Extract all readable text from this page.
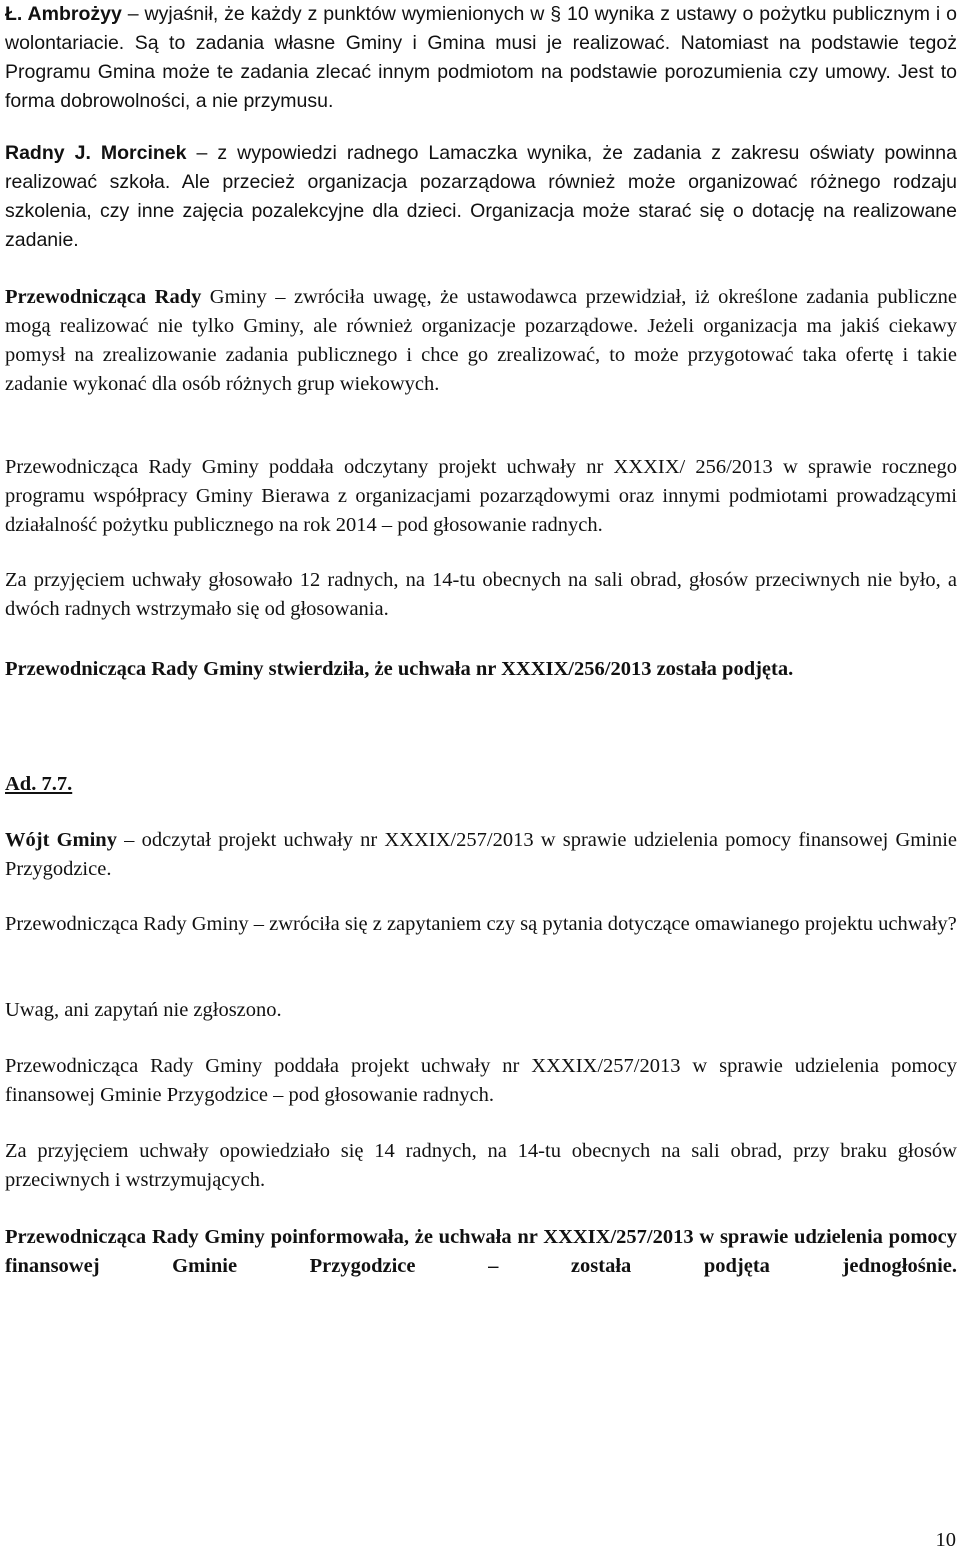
Ł. Ambrożyy – wyjaśnił, że każdy z punktów wymienionych w § 10 wynika z ustawy o pożytku publicznym i o wolontariacie. Są to zadania własne Gminy i Gmina musi je realizować. Natomiast na podstawie tegoż Programu Gmina może te zadania zlecać innym podmiotom na podstawie porozumienia czy umowy. Jest to forma dobrowolności, a nie przymusu.

Radny J. Morcinek – z wypowiedzi radnego Lamaczka wynika, że zadania z zakresu oświaty powinna realizować szkoła. Ale przecież organizacja pozarządowa również może organizować różnego rodzaju szkolenia, czy inne zajęcia pozalekcyjne dla dzieci. Organizacja może starać się o dotację na realizowane zadanie.

Przewodnicząca Rady Gminy – zwróciła uwagę, że ustawodawca przewidział, iż określone zadania publiczne mogą realizować nie tylko Gminy, ale również organizacje pozarządowe. Jeżeli organizacja ma jakiś ciekawy pomysł na zrealizowanie zadania publicznego i chce go zrealizować, to może przygotować taka ofertę i takie zadanie wykonać dla osób różnych grup wiekowych.

Przewodnicząca Rady Gminy poddała odczytany projekt uchwały nr XXXIX/ 256/2013 w sprawie rocznego programu współpracy Gminy Bierawa z organizacjami pozarządowymi oraz innymi podmiotami prowadzącymi działalność pożytku publicznego na rok 2014 – pod głosowanie radnych.

Za przyjęciem uchwały głosowało 12 radnych, na 14-tu obecnych na sali obrad, głosów przeciwnych nie było, a dwóch radnych wstrzymało się od głosowania.

Przewodnicząca Rady Gminy stwierdziła, że uchwała nr XXXIX/256/2013 została podjęta.

Ad. 7.7.

Wójt Gminy – odczytał projekt uchwały nr XXXIX/257/2013 w sprawie udzielenia pomocy finansowej Gminie Przygodzice.

Przewodnicząca Rady Gminy – zwróciła się z zapytaniem czy są pytania dotyczące omawianego projektu uchwały?

Uwag, ani zapytań nie zgłoszono.

Przewodnicząca Rady Gminy poddała projekt uchwały nr XXXIX/257/2013 w sprawie udzielenia pomocy finansowej Gminie Przygodzice – pod głosowanie radnych.

Za przyjęciem uchwały opowiedziało się 14 radnych, na 14-tu obecnych na sali obrad, przy braku głosów przeciwnych i wstrzymujących.

Przewodnicząca Rady Gminy poinformowała, że uchwała nr XXXIX/257/2013 w sprawie udzielenia pomocy finansowej Gminie Przygodzice – została podjęta jednogłośnie.

10
